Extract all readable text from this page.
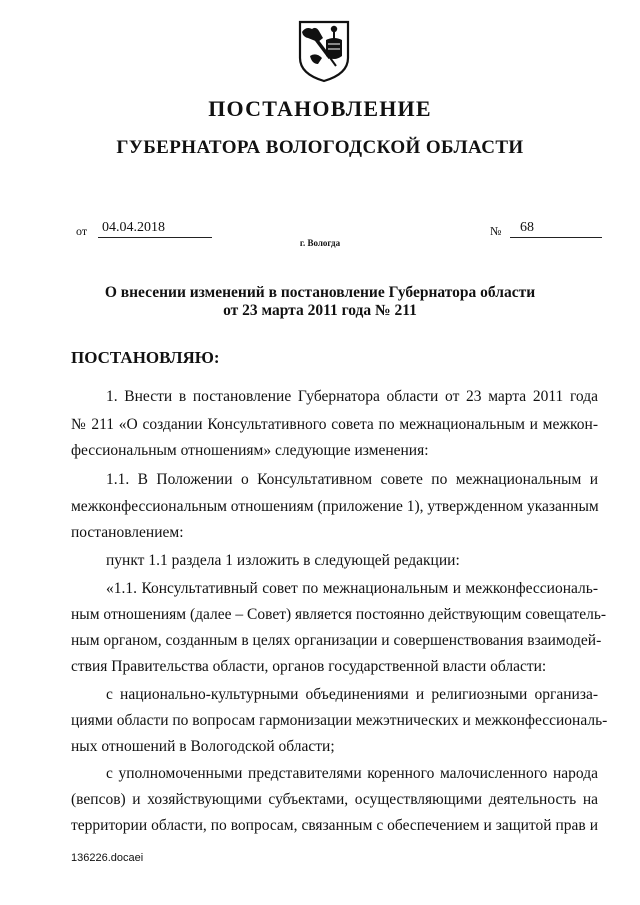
ПОСТАНОВЛЕНИЕ
ГУБЕРНАТОРА ВОЛОГОДСКОЙ ОБЛАСТИ
от 04.04.2018	№	68
г. Вологда
О внесении изменений в постановление Губернатора области
от 23 марта 2011 года № 211
ПОСТАНОВЛЯЮ:
1. Внести в постановление Губернатора области от 23 марта 2011 года
№ 211 «О создании Консультативного совета по межнациональным и межкон-
фессиональным отношениям» следующие изменения:
1.1. В Положении о Консультативном совете по межнациональным и
межконфессиональным отношениям (приложение 1), утвержденном указанным
постановлением:
пункт 1.1 раздела 1 изложить в следующей редакции:
«1.1. Консультативный совет по межнациональным и межконфессиональ-
ным отношениям (далее – Совет) является постоянно действующим совещатель-
ным органом, созданным в целях организации и совершенствования взаимодей-
ствия Правительства области, органов государственной власти области:
с национально-культурными объединениями и религиозными организа-
циями области по вопросам гармонизации межэтнических и межконфессиональ-
ных отношений в Вологодской области;
с уполномоченными представителями коренного малочисленного народа
(вепсов) и хозяйствующими субъектами, осуществляющими деятельность на
территории области, по вопросам, связанным с обеспечением и защитой прав и
136226.docaei
